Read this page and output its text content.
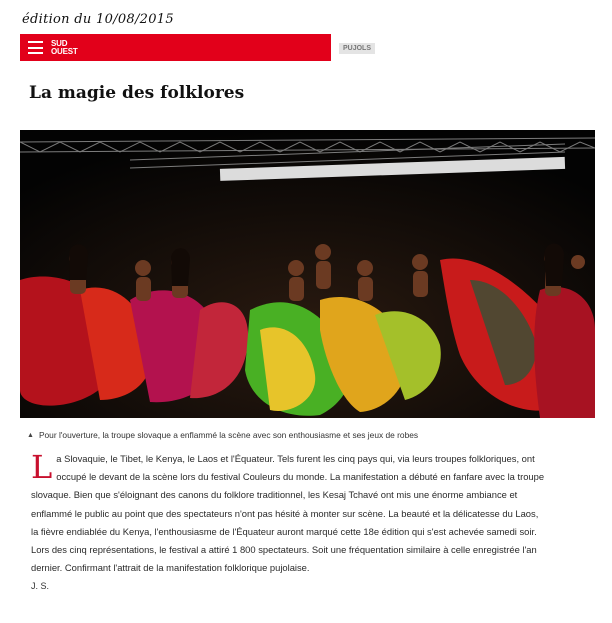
édition du 10/08/2015
SUD
OUEST	PUJOLS
La magie des folklores
▲ Pour l'ouverture, la troupe slovaque a enflammé la scène avec son enthousiasme et ses jeux de robes

L a Slovaquie, le Tibet, le Kenya, le Laos et l'Équateur. Tels furent les cinq pays qui, via leurs troupes folkloriques, ont occupé le devant de la scène lors du festival Couleurs du monde. La manifestation a débuté en fanfare avec la troupe slovaque. Bien que s'éloignant des canons du folklore traditionnel, les Kesaj Tchavé ont mis une énorme ambiance et enflammé le public au point que des spectateurs n'ont pas hésité à monter sur scène. La beauté et la délicatesse du Laos, la fièvre endiablée du Kenya, l'enthousiasme de l'Équateur auront marqué cette 18e édition qui s'est achevée samedi soir. Lors des cinq représentations, le festival a attiré 1 800 spectateurs. Soit une fréquentation similaire à celle enregistrée l'an dernier. Confirmant l'attrait de la manifestation folklorique pujolaise.

J. S.
